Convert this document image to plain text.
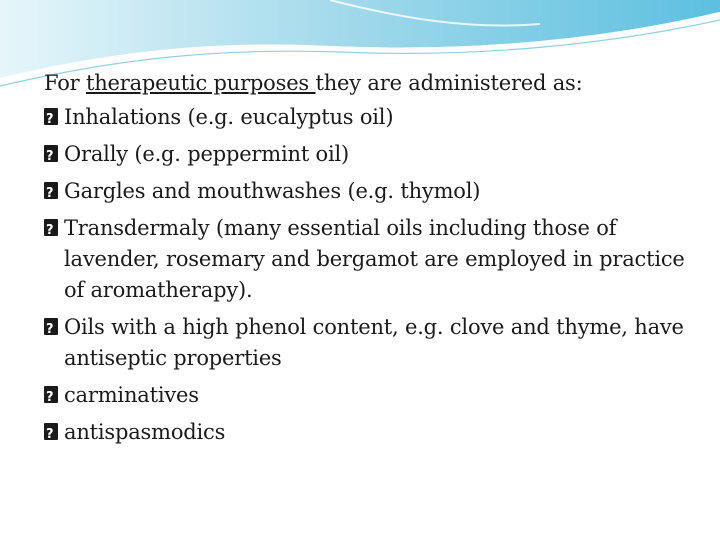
For therapeutic purposes they are administered as:

?
Inhalations (e.g. eucalyptus oil)
?
Orally (e.g. peppermint oil)
?
Gargles and mouthwashes (e.g. thymol)
?
Transdermaly (many essential oils including those of lavender, rosemary and bergamot are employed in practice of aromatherapy).
?
Oils with a high phenol content, e.g. clove and thyme, have antiseptic properties
?
carminatives
?
antispasmodics
